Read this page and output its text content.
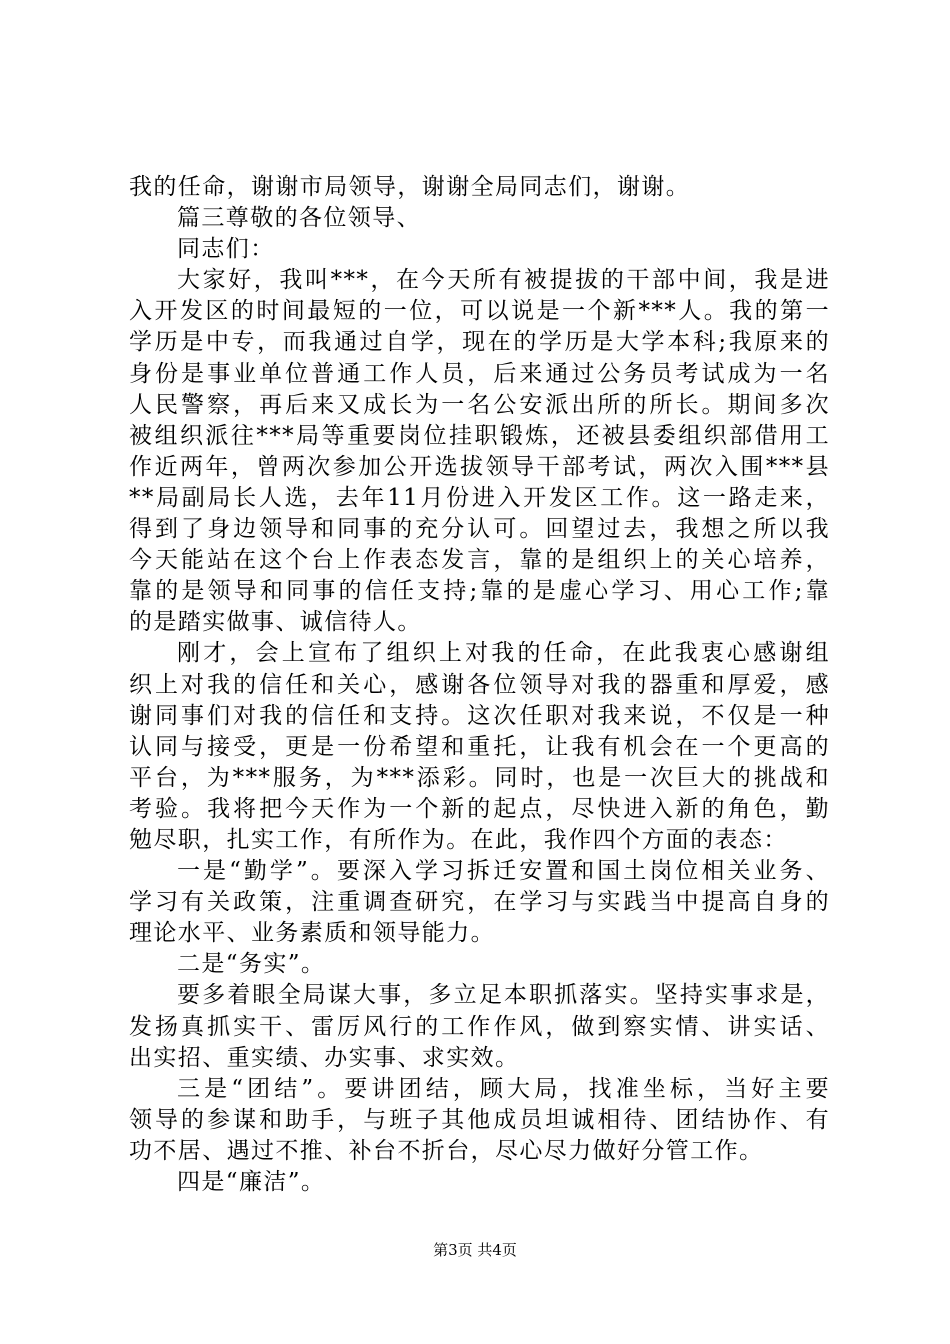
我的任命，谢谢市局领导，谢谢全局同志们，谢谢。
篇三尊敬的各位领导、
同志们：
大家好，我叫***，在今天所有被提拔的干部中间，我是进
入开发区的时间最短的一位，可以说是一个新***人。我的第一
学历是中专，而我通过自学，现在的学历是大学本科;我原来的
身份是事业单位普通工作人员，后来通过公务员考试成为一名
人民警察，再后来又成长为一名公安派出所的所长。期间多次
被组织派往***局等重要岗位挂职锻炼，还被县委组织部借用工
作近两年，曾两次参加公开选拔领导干部考试，两次入围***县
**局副局长人选，去年11月份进入开发区工作。这一路走来，
得到了身边领导和同事的充分认可。回望过去，我想之所以我
今天能站在这个台上作表态发言，靠的是组织上的关心培养，
靠的是领导和同事的信任支持;靠的是虚心学习、用心工作;靠
的是踏实做事、诚信待人。
刚才，会上宣布了组织上对我的任命，在此我衷心感谢组
织上对我的信任和关心，感谢各位领导对我的器重和厚爱，感
谢同事们对我的信任和支持。这次任职对我来说，不仅是一种
认同与接受，更是一份希望和重托，让我有机会在一个更高的
平台，为***服务，为***添彩。同时，也是一次巨大的挑战和
考验。我将把今天作为一个新的起点，尽快进入新的角色，勤
勉尽职，扎实工作，有所作为。在此，我作四个方面的表态：
一是“勤学”。要深入学习拆迁安置和国土岗位相关业务、
学习有关政策，注重调查研究，在学习与实践当中提高自身的
理论水平、业务素质和领导能力。
二是“务实”。
要多着眼全局谋大事，多立足本职抓落实。坚持实事求是，
发扬真抓实干、雷厉风行的工作作风，做到察实情、讲实话、
出实招、重实绩、办实事、求实效。
三是“团结”。要讲团结，顾大局，找准坐标，当好主要
领导的参谋和助手，与班子其他成员坦诚相待、团结协作、有
功不居、遇过不推、补台不折台，尽心尽力做好分管工作。
四是“廉洁”。
第3页 共4页
